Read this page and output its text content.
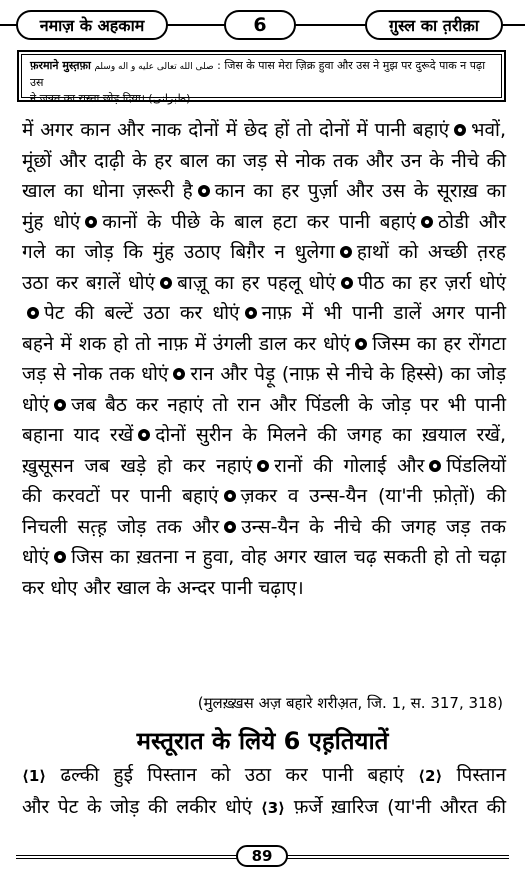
नमाज़ के अहकाम	6	ग़ुस्ल का त़रीक़ा
फ़रमाने मुस्त़फ़ा صلى الله تعالى عليه و اله وسلم : जिस के पास मेरा ज़िक्र हुवा और उस ने मुझ पर दुरूदे पाक न पढ़ा उस
ने जन्नत का रास्ता छोड़ दिया। (طبرانی)
में अगर कान और नाक दोनों में छेद हों तो दोनों में पानी बहाएं भवों,
मूंछों और दाढ़ी के हर बाल का जड़ से नोक तक और उन के नीचे की
खाल का धोना ज़रूरी है कान का हर पुर्ज़ा और उस के सूराख़ का
मुंह धोएं कानों के पीछे के बाल हटा कर पानी बहाएं ठोडी और
गले का जोड़ कि मुंह उठाए बिग़ैर न धुलेगा हाथों को अच्छी त़रह
उठा कर बग़लें धोएं बाज़ू का हर पहलू धोएं पीठ का हर ज़र्रा धोएं
पेट की बल्टें उठा कर धोएं नाफ़ में भी पानी डालें अगर पानी
बहने में शक हो तो नाफ़ में उंगली डाल कर धोएं जिस्म का हर रोंगटा
जड़ से नोक तक धोएं रान और पेड़ू (नाफ़ से नीचे के हिस्से) का जोड़
धोएं जब बैठ कर नहाएं तो रान और पिंडली के जोड़ पर भी पानी
बहाना याद रखें दोनों सुरीन के मिलने की जगह का ख़याल रखें,
ख़ुसूसन जब खड़े हो कर नहाएं रानों की गोलाई और पिंडलियों
की करवटों पर पानी बहाएं ज़कर व उन्स-यैन (या'नी फ़ोत़ों) की
निचली सत़्ह़ जोड़ तक और उन्स-यैन के नीचे की जगह जड़ तक
धोएं जिस का ख़तना न हुवा, वोह अगर खाल चढ़ सकती हो तो चढ़ा
कर धोए और खाल के अन्दर पानी चढ़ाए।
(मुलख़्ख़स अज़ बहारे शरीअ़त, जि. 1, स. 317, 318)
मस्तूरात के लिये 6 एह़तियातें
⟨1⟩ ढल्की हुई पिस्तान को उठा कर पानी बहाएं ⟨2⟩ पिस्तान
और पेट के जोड़ की लकीर धोएं ⟨3⟩ फ़र्जे ख़ारिज (या'नी औरत की
89
